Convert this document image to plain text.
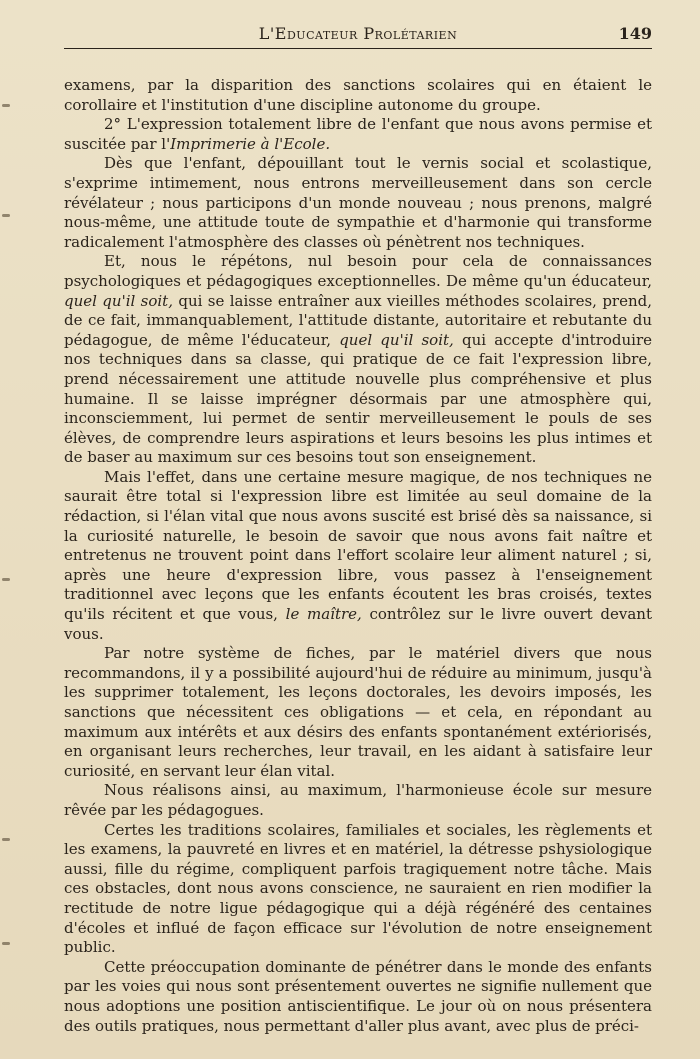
L'Educateur Prolétarien	149

examens, par la disparition des sanctions scolaires qui en étaient le corollaire et l'institution d'une discipline autonome du groupe.

2° L'expression totalement libre de l'enfant que nous avons permise et suscitée par l'Imprimerie à l'Ecole.

Dès que l'enfant, dépouillant tout le vernis social et scolastique, s'exprime intimement, nous entrons merveilleusement dans son cercle révélateur ; nous participons d'un monde nouveau ; nous prenons, malgré nous-même, une attitude toute de sympathie et d'harmonie qui transforme radicalement l'atmosphère des classes où pénètrent nos techniques.

Et, nous le répétons, nul besoin pour cela de connaissances psychologiques et pédagogiques exceptionnelles. De même qu'un éducateur, quel qu'il soit, qui se laisse entraîner aux vieilles méthodes scolaires, prend, de ce fait, immanquablement, l'attitude distante, autoritaire et rebutante du pédagogue, de même l'éducateur, quel qu'il soit, qui accepte d'introduire nos techniques dans sa classe, qui pratique de ce fait l'expression libre, prend nécessairement une attitude nouvelle plus compréhensive et plus humaine. Il se laisse imprégner désormais par une atmosphère qui, inconsciemment, lui permet de sentir merveilleusement le pouls de ses élèves, de comprendre leurs aspirations et leurs besoins les plus intimes et de baser au maximum sur ces besoins tout son enseignement.

Mais l'effet, dans une certaine mesure magique, de nos techniques ne saurait être total si l'expression libre est limitée au seul domaine de la rédaction, si l'élan vital que nous avons suscité est brisé dès sa naissance, si la curiosité naturelle, le besoin de savoir que nous avons fait naître et entretenus ne trouvent point dans l'effort scolaire leur aliment naturel ; si, après une heure d'expression libre, vous passez à l'enseignement traditionnel avec leçons que les enfants écoutent les bras croisés, textes qu'ils récitent et que vous, le maître, contrôlez sur le livre ouvert devant vous.

Par notre système de fiches, par le matériel divers que nous recommandons, il y a possibilité aujourd'hui de réduire au minimum, jusqu'à les supprimer totalement, les leçons doctorales, les devoirs imposés, les sanctions que nécessitent ces obligations — et cela, en répondant au maximum aux intérêts et aux désirs des enfants spontanément extériorisés, en organisant leurs recherches, leur travail, en les aidant à satisfaire leur curiosité, en servant leur élan vital.

Nous réalisons ainsi, au maximum, l'harmonieuse école sur mesure rêvée par les pédagogues.

Certes les traditions scolaires, familiales et sociales, les règlements et les examens, la pauvreté en livres et en matériel, la détresse pshysiologique aussi, fille du régime, compliquent parfois tragiquement notre tâche. Mais ces obstacles, dont nous avons conscience, ne sauraient en rien modifier la rectitude de notre ligue pédagogique qui a déjà régénéré des centaines d'écoles et influé de façon efficace sur l'évolution de notre enseignement public.

Cette préoccupation dominante de pénétrer dans le monde des enfants par les voies qui nous sont présentement ouvertes ne signifie nullement que nous adoptions une position antiscientifique. Le jour où on nous présentera des outils pratiques, nous permettant d'aller plus avant, avec plus de préci-
